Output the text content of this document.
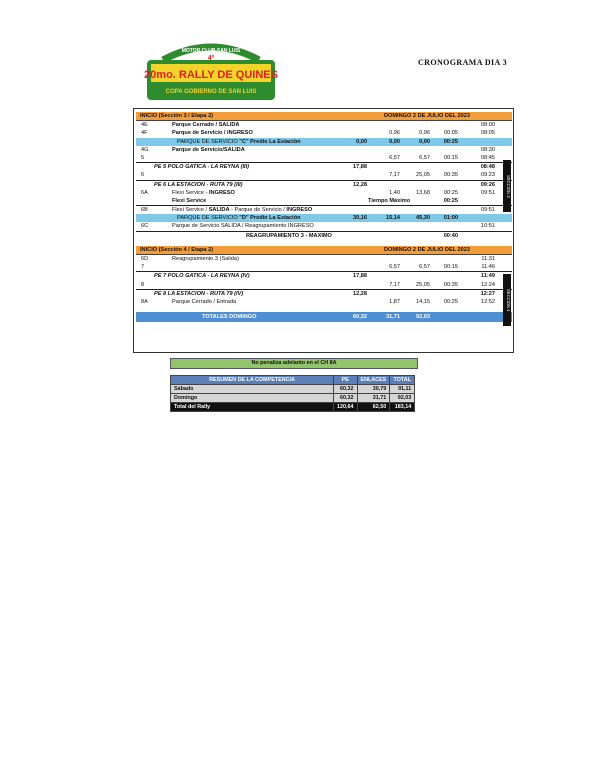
MOTOR CLUB SAN LUIS
4º
20mo. RALLY DE QUINES
COPA GOBIERNO DE SAN LUIS
CRONOGRAMA DIA 3
INICIO (Sección 3 / Etapa 2)	DOMINGO 2 DE JULIO DEL 2023
4E	Parque Cerrado / SALIDA	08:00
4F	Parque de Servicio / INGRESO	0,96	0,96	00:05	08:05
PARQUE DE SERVICIO "C" Predio La Estación	0,00	0,00	0,00	00:25
4G	Parque de Servicio/SALIDA	08:30
5	6,57	6,57	00:15	08:45
PE 5 POLO GATICA - LA REYNA (III)	17,88	08:48
6	7,17	25,05	00:35	09:23
PE 6 LA ESTACION - RUTA 79 (III)	12,28	09:26
6A	Flexi Service - INGRESO	1,40	13,68	00:25	09:51
Flexi Service	Tiempo Máximo	00:25
6B	Flexi Service / SALIDA - Parque de Servicio / INGRESO	09:51
PARQUE DE SERVICIO "D" Predio La Estación	30,16	15,14	45,30	01:00
6C	Parque de Servicio SALIDA / Reagrupamiento INGRESO	10:51
REAGRUPAMIENTO 3 - MAXIMO	00:40
INICIO (Sección 4 / Etapa 2)	DOMINGO 2 DE JULIO DEL 2023
6D	Reagrupamiento 3 (Salida)	11:31
7	6,57	6,57	00:15	11:46
PE 7 POLO GATICA - LA REYNA (IV)	17,88	11:49
8	7,17	25,05	00:35	12:24
PE 8 LA ESTACION - RUTA 79 (IV)	12,28	12:27
8A	Parque Cerrado / Entrada	1,87	14,15	00:25	12:52
TOTALES DOMINGO	60,32	31,71	92,03
SECCIÓN 3
SECCIÓN 4
No penaliza adelanto en el CH 8A
RESUMEN DE LA COMPETENCIA	PE	ENLACES	TOTAL
Sábado	60,32	30,79	91,11
Domingo	60,32	31,71	92,03
Total del Rally	120,64	62,50	183,14
